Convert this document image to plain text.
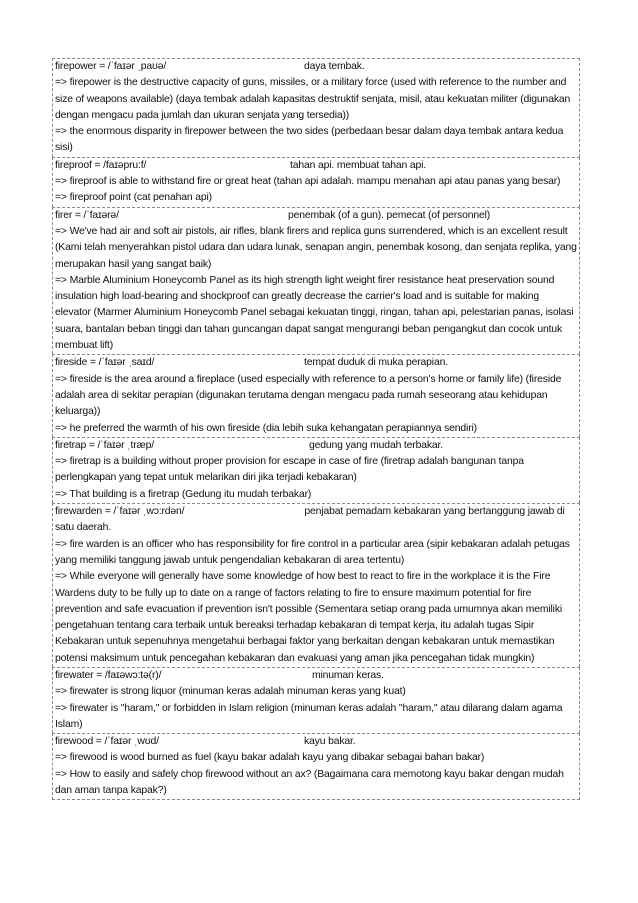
firepower = /ˈfaɪər ˌpaʊə/	daya tembak.
=> firepower is the destructive capacity of guns, missiles, or a military force (used with reference to the number and size of weapons available) (daya tembak adalah kapasitas destruktif senjata, misil, atau kekuatan militer (digunakan dengan mengacu pada jumlah dan ukuran senjata yang tersedia))
=> the enormous disparity in firepower between the two sides (perbedaan besar dalam daya tembak antara kedua sisi)
fireproof = /faɪəpru:f/	tahan api. membuat tahan api.
=> fireproof is able to withstand fire or great heat (tahan api adalah. mampu menahan api atau panas yang besar)
=> fireproof point (cat penahan api)
firer = /ˈfaɪərə/	penembak (of a gun). pemecat (of personnel)
=> We've had air and soft air pistols, air rifles, blank firers and replica guns surrendered, which is an excellent result (Kami telah menyerahkan pistol udara dan udara lunak, senapan angin, penembak kosong, dan senjata replika, yang merupakan hasil yang sangat baik)
=> Marble Aluminium Honeycomb Panel as its high strength light weight firer resistance heat preservation sound insulation high load-bearing and shockproof can greatly decrease the carrier's load and is suitable for making elevator (Marmer Aluminium Honeycomb Panel sebagai kekuatan tinggi, ringan, tahan api, pelestarian panas, isolasi suara, bantalan beban tinggi dan tahan guncangan dapat sangat mengurangi beban pengangkut dan cocok untuk membuat lift)
fireside = /ˈfaɪər ˌsaɪd/	tempat duduk di muka perapian.
=> fireside is the area around a fireplace (used especially with reference to a person's home or family life) (fireside adalah area di sekitar perapian (digunakan terutama dengan mengacu pada rumah seseorang atau kehidupan keluarga))
=> he preferred the warmth of his own fireside (dia lebih suka kehangatan perapiannya sendiri)
firetrap = /ˈfaɪər ˌtræp/	gedung yang mudah terbakar.
=> firetrap is a building without proper provision for escape in case of fire (firetrap adalah bangunan tanpa perlengkapan yang tepat untuk melarikan diri jika terjadi kebakaran)
=> That building is a firetrap (Gedung itu mudah terbakar)
firewarden = /ˈfaɪər ˌwɔ:rdən/	penjabat pemadam kebakaran yang bertanggung jawab di satu daerah.
=> fire warden is an officer who has responsibility for fire control in a particular area (sipir kebakaran adalah petugas yang memiliki tanggung jawab untuk pengendalian kebakaran di area tertentu)
=> While everyone will generally have some knowledge of how best to react to fire in the workplace it is the Fire Wardens duty to be fully up to date on a range of factors relating to fire to ensure maximum potential for fire prevention and safe evacuation if prevention isn't possible (Sementara setiap orang pada umumnya akan memiliki pengetahuan tentang cara terbaik untuk bereaksi terhadap kebakaran di tempat kerja, itu adalah tugas Sipir Kebakaran untuk sepenuhnya mengetahui berbagai faktor yang berkaitan dengan kebakaran untuk memastikan potensi maksimum untuk pencegahan kebakaran dan evakuasi yang aman jika pencegahan tidak mungkin)
firewater = /faɪəwɔ:tə(r)/	minuman keras.
=> firewater is strong liquor (minuman keras adalah minuman keras yang kuat)
=> firewater is "haram," or forbidden in Islam religion (minuman keras adalah "haram," atau dilarang dalam agama Islam)
firewood = /ˈfaɪər ˌwʊd/	kayu bakar.
=> firewood is wood burned as fuel (kayu bakar adalah kayu yang dibakar sebagai bahan bakar)
=> How to easily and safely chop firewood without an ax? (Bagaimana cara memotong kayu bakar dengan mudah dan aman tanpa kapak?)
